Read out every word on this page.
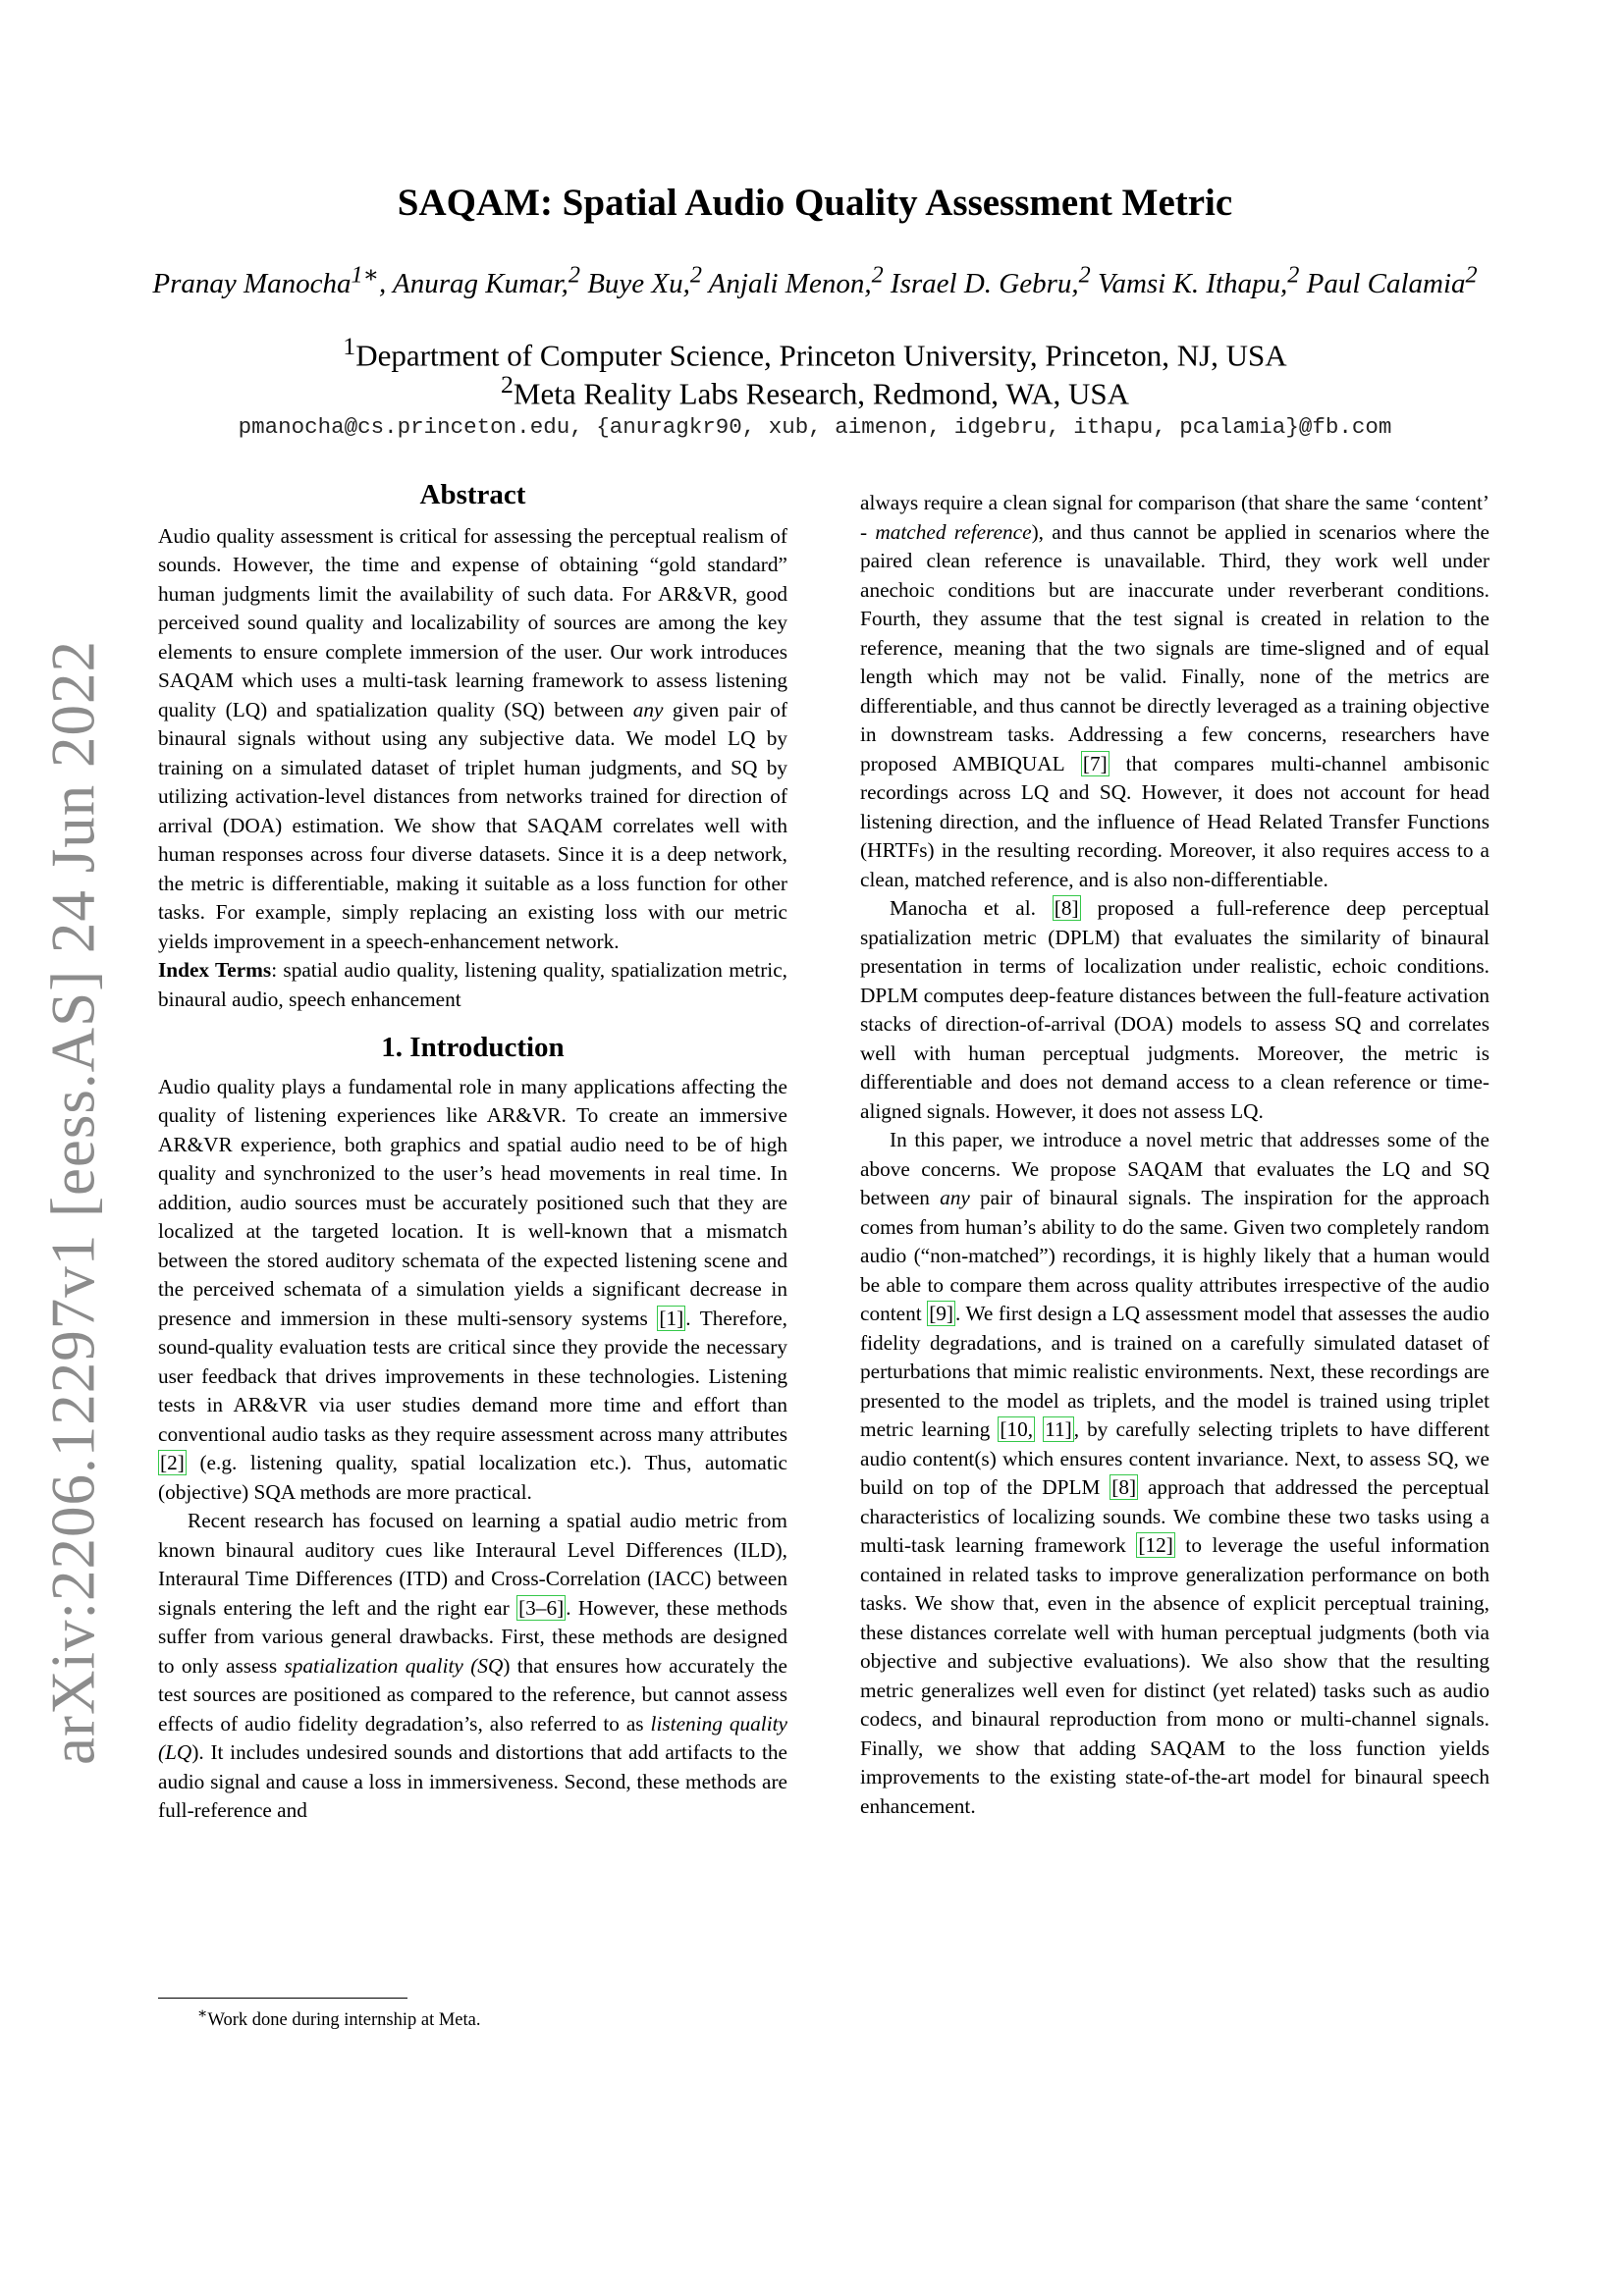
arXiv:2206.12297v1 [eess.AS] 24 Jun 2022
SAQAM: Spatial Audio Quality Assessment Metric
Pranay Manocha$^{1∗}$, Anurag Kumar,$^2$ Buye Xu,$^2$ Anjali Menon,$^2$ Israel D. Gebru,$^2$ Vamsi K. Ithapu,$^2$ Paul Calamia$^2$
$^1$Department of Computer Science, Princeton University, Princeton, NJ, USA
$^2$Meta Reality Labs Research, Redmond, WA, USA
pmanocha@cs.princeton.edu, {anuragkr90, xub, aimenon, idgebru, ithapu, pcalamia}@fb.com
Abstract

Audio quality assessment is critical for assessing the perceptual realism of sounds. However, the time and expense of obtaining “gold standard” human judgments limit the availability of such data. For AR&VR, good perceived sound quality and localizability of sources are among the key elements to ensure complete immersion of the user. Our work introduces SAQAM which uses a multi-task learning framework to assess listening quality (LQ) and spatialization quality (SQ) between any given pair of binaural signals without using any subjective data. We model LQ by training on a simulated dataset of triplet human judgments, and SQ by utilizing activation-level distances from networks trained for direction of arrival (DOA) estimation. We show that SAQAM correlates well with human responses across four diverse datasets. Since it is a deep network, the metric is differentiable, making it suitable as a loss function for other tasks. For example, simply replacing an existing loss with our metric yields improvement in a speech-enhancement network.

Index Terms: spatial audio quality, listening quality, spatialization metric, binaural audio, speech enhancement

1. Introduction

Audio quality plays a fundamental role in many applications affecting the quality of listening experiences like AR&VR. To create an immersive AR&VR experience, both graphics and spatial audio need to be of high quality and synchronized to the user’s head movements in real time. In addition, audio sources must be accurately positioned such that they are localized at the targeted location. It is well-known that a mismatch between the stored auditory schemata of the expected listening scene and the perceived schemata of a simulation yields a significant decrease in presence and immersion in these multi-sensory systems [1]. Therefore, sound-quality evaluation tests are critical since they provide the necessary user feedback that drives improvements in these technologies. Listening tests in AR&VR via user studies demand more time and effort than conventional audio tasks as they require assessment across many attributes [2] (e.g. listening quality, spatial localization etc.). Thus, automatic (objective) SQA methods are more practical.

Recent research has focused on learning a spatial audio metric from known binaural auditory cues like Interaural Level Differences (ILD), Interaural Time Differences (ITD) and Cross-Correlation (IACC) between signals entering the left and the right ear [3–6]. However, these methods suffer from various general drawbacks. First, these methods are designed to only assess spatialization quality (SQ) that ensures how accurately the test sources are positioned as compared to the reference, but cannot assess effects of audio fidelity degradation’s, also referred to as listening quality (LQ). It includes undesired sounds and distortions that add artifacts to the audio signal and cause a loss in immersiveness. Second, these methods are full-reference and

always require a clean signal for comparison (that share the same ‘content’ - matched reference), and thus cannot be applied in scenarios where the paired clean reference is unavailable. Third, they work well under anechoic conditions but are inaccurate under reverberant conditions. Fourth, they assume that the test signal is created in relation to the reference, meaning that the two signals are time-sligned and of equal length which may not be valid. Finally, none of the metrics are differentiable, and thus cannot be directly leveraged as a training objective in downstream tasks. Addressing a few concerns, researchers have proposed AMBIQUAL [7] that compares multi-channel ambisonic recordings across LQ and SQ. However, it does not account for head listening direction, and the influence of Head Related Transfer Functions (HRTFs) in the resulting recording. Moreover, it also requires access to a clean, matched reference, and is also non-differentiable.

Manocha et al. [8] proposed a full-reference deep perceptual spatialization metric (DPLM) that evaluates the similarity of binaural presentation in terms of localization under realistic, echoic conditions. DPLM computes deep-feature distances between the full-feature activation stacks of direction-of-arrival (DOA) models to assess SQ and correlates well with human perceptual judgments. Moreover, the metric is differentiable and does not demand access to a clean reference or time-aligned signals. However, it does not assess LQ.

In this paper, we introduce a novel metric that addresses some of the above concerns. We propose SAQAM that evaluates the LQ and SQ between any pair of binaural signals. The inspiration for the approach comes from human’s ability to do the same. Given two completely random audio (“non-matched”) recordings, it is highly likely that a human would be able to compare them across quality attributes irrespective of the audio content [9]. We first design a LQ assessment model that assesses the audio fidelity degradations, and is trained on a carefully simulated dataset of perturbations that mimic realistic environments. Next, these recordings are presented to the model as triplets, and the model is trained using triplet metric learning [10, 11], by carefully selecting triplets to have different audio content(s) which ensures content invariance. Next, to assess SQ, we build on top of the DPLM [8] approach that addressed the perceptual characteristics of localizing sounds. We combine these two tasks using a multi-task learning framework [12] to leverage the useful information contained in related tasks to improve generalization performance on both tasks. We show that, even in the absence of explicit perceptual training, these distances correlate well with human perceptual judgments (both via objective and subjective evaluations). We also show that the resulting metric generalizes well even for distinct (yet related) tasks such as audio codecs, and binaural reproduction from mono or multi-channel signals. Finally, we show that adding SAQAM to the loss function yields improvements to the existing state-of-the-art model for binaural speech enhancement.

∗Work done during internship at Meta.
